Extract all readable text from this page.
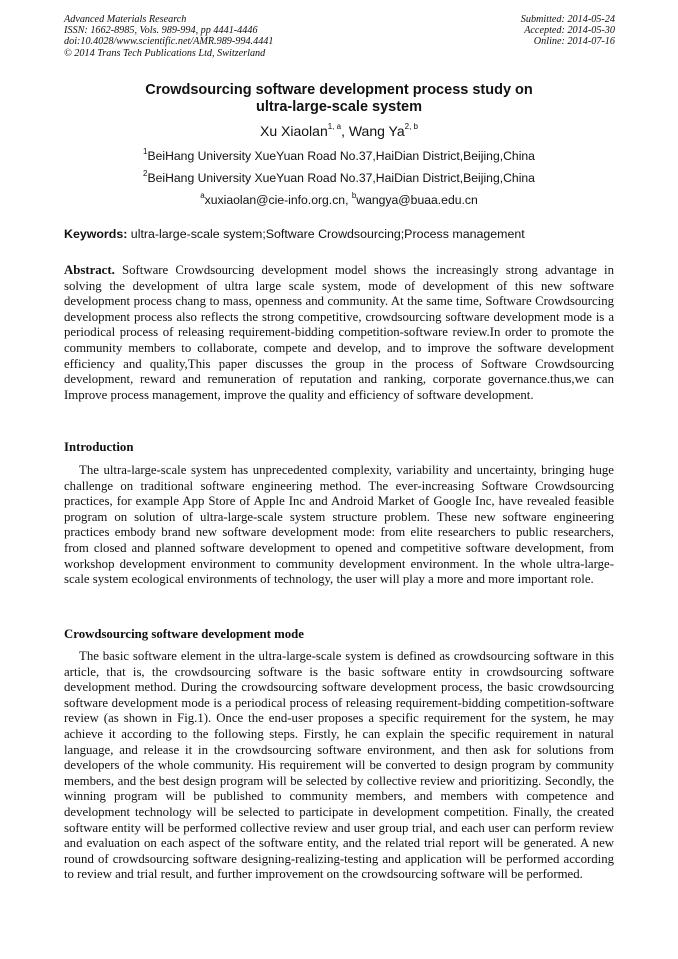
Advanced Materials Research
ISSN: 1662-8985, Vols. 989-994, pp 4441-4446
doi:10.4028/www.scientific.net/AMR.989-994.4441
© 2014 Trans Tech Publications Ltd, Switzerland
Submitted: 2014-05-24
Accepted: 2014-05-30
Online: 2014-07-16
Crowdsourcing software development process study on
ultra-large-scale system
Xu Xiaolan$^{1, a}$, Wang Ya$^{2, b}$
$^1$BeiHang University XueYuan Road No.37,HaiDian District,Beijing,China
$^2$BeiHang University XueYuan Road No.37,HaiDian District,Beijing,China
$^a$xuxiaolan@cie-info.org.cn, $^b$wangya@buaa.edu.cn
Keywords: ultra-large-scale system;Software Crowdsourcing;Process management
Abstract. Software Crowdsourcing development model shows the increasingly strong advantage in solving the development of ultra large scale system, mode of development of this new software development process chang to mass, openness and community. At the same time, Software Crowdsourcing development process also reflects the strong competitive, crowdsourcing software development mode is a periodical process of releasing requirement-bidding competition-software review.In order to promote the community members to collaborate, compete and develop, and to improve the software development efficiency and quality,This paper discusses the group in the process of Software Crowdsourcing development, reward and remuneration of reputation and ranking, corporate governance.thus,we can Improve process management, improve the quality and efficiency of software development.
Introduction
The ultra-large-scale system has unprecedented complexity, variability and uncertainty, bringing huge challenge on traditional software engineering method. The ever-increasing Software Crowdsourcing practices, for example App Store of Apple Inc and Android Market of Google Inc, have revealed feasible program on solution of ultra-large-scale system structure problem. These new software engineering practices embody brand new software development mode: from elite researchers to public researchers, from closed and planned software development to opened and competitive software development, from workshop development environment to community development environment. In the whole ultra-large-scale system ecological environments of technology, the user will play a more and more important role.
Crowdsourcing software development mode
The basic software element in the ultra-large-scale system is defined as crowdsourcing software in this article, that is, the crowdsourcing software is the basic software entity in crowdsourcing software development method. During the crowdsourcing software development process, the basic crowdsourcing software development mode is a periodical process of releasing requirement-bidding competition-software review (as shown in Fig.1). Once the end-user proposes a specific requirement for the system, he may achieve it according to the following steps. Firstly, he can explain the specific requirement in natural language, and release it in the crowdsourcing software environment, and then ask for solutions from developers of the whole community. His requirement will be converted to design program by community members, and the best design program will be selected by collective review and prioritizing. Secondly, the winning program will be published to community members, and members with competence and development technology will be selected to participate in development competition. Finally, the created software entity will be performed collective review and user group trial, and each user can perform review and evaluation on each aspect of the software entity, and the related trial report will be generated. A new round of crowdsourcing software designing-realizing-testing and application will be performed according to review and trial result, and further improvement on the crowdsourcing software will be performed.
